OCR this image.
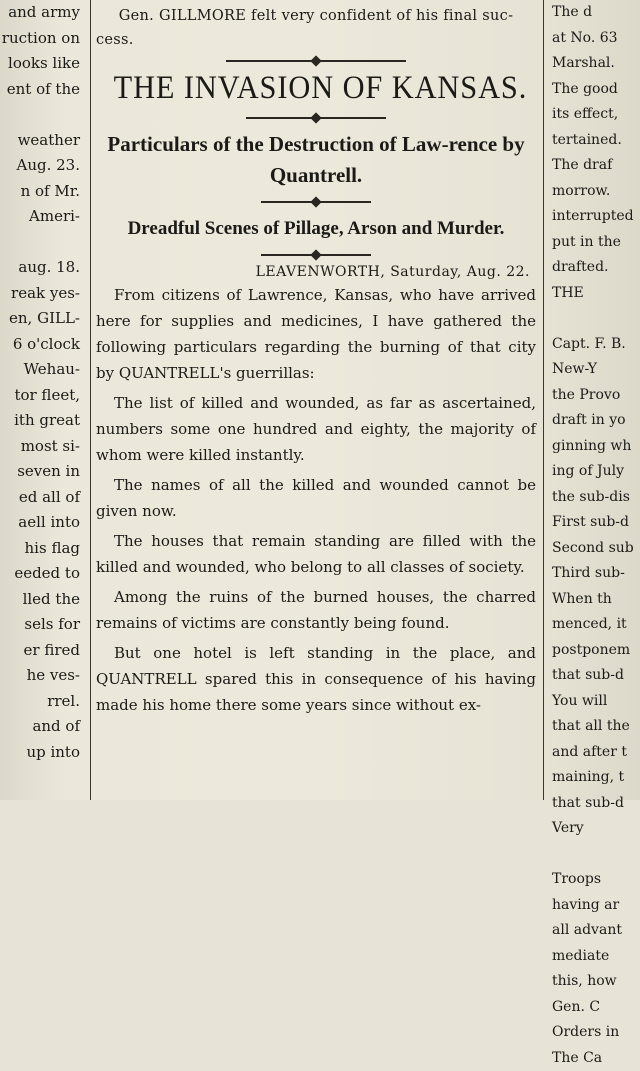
and army
ruction on
looks like
ent of the
weather
Aug. 23.
n of Mr.
Ameri-
aug. 18.
reak yes-
en, GILL-
6 o'clock
Wehau-
tor fleet,
ith great
most si-
seven in
ed all of
aell into
his flag
eeded to
lled the
sels for
er fired
he ves-
rrel.
and of
up into
Gen. GILLMORE felt very confident of his final suc-
cess.
THE INVASION OF KANSAS.
Particulars of the Destruction of Law-rence by Quantrell.
Dreadful Scenes of Pillage, Arson and Murder.
LEAVENWORTH, Saturday, Aug. 22.

From citizens of Lawrence, Kansas, who have arrived here for supplies and medicines, I have gathered the following particulars regarding the burning of that city by QUANTRELL's guerrillas:

The list of killed and wounded, as far as ascertained, numbers some one hundred and eighty, the majority of whom were killed instantly.

The names of all the killed and wounded cannot be given now.

The houses that remain standing are filled with the killed and wounded, who belong to all classes of society.

Among the ruins of the burned houses, the charred remains of victims are constantly being found.

But one hotel is left standing in the place, and QUANTRELL spared this in consequence of his having made his home there some years since without ex-

The d
at No. 63
Marshal.
The good
its effect,
tertained.
The draf
morrow.
interrupted
put in the
drafted.
THE
Capt. F. B.
New-Y
the Provo
draft in yo
ginning wh
ing of July
the sub-dis
First sub-d
Second sub
Third sub-
When th
menced, it
postponem
that sub-d
You will
that all the
and after t
maining, t
that sub-d
Very
Troops
having ar
all advant
mediate
this, how
Gen. C
Orders in
The Ca
